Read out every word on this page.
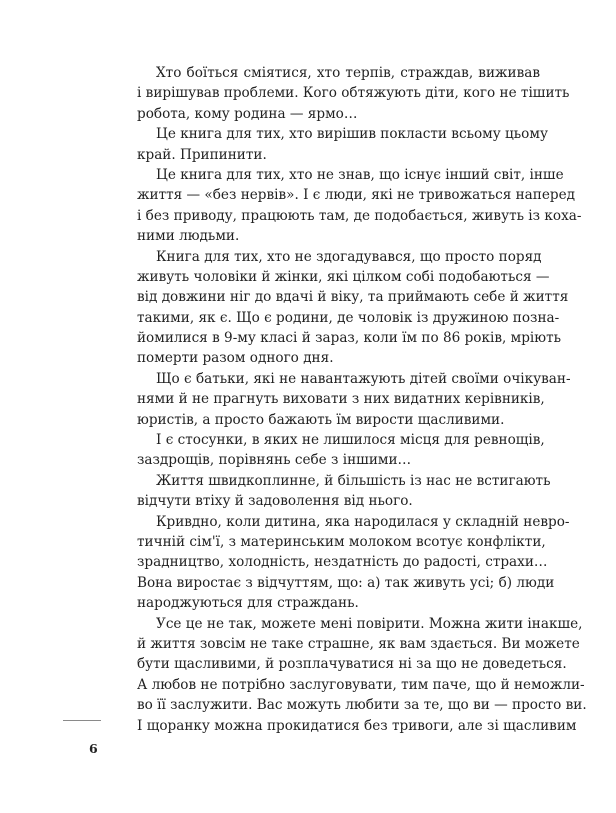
Хто боїться сміятися, хто терпів, страждав, виживав
і вирішував проблеми. Кого обтяжують діти, кого не тішить
робота, кому родина — ярмо…
Це книга для тих, хто вирішив покласти всьому цьому
край. Припинити.
Це книга для тих, хто не знав, що існує інший світ, інше
життя — «без нервів». І є люди, які не тривожаться наперед
і без приводу, працюють там, де подобається, живуть із коха-
ними людьми.
Книга для тих, хто не здогадувався, що просто поряд
живуть чоловіки й жінки, які цілком собі подобаються —
від довжини ніг до вдачі й віку, та приймають себе й життя
такими, як є. Що є родини, де чоловік із дружиною позна-
йомилися в 9-му класі й зараз, коли їм по 86 років, мріють
померти разом одного дня.
Що є батьки, які не навантажують дітей своїми очікуван-
нями й не прагнуть виховати з них видатних керівників,
юристів, а просто бажають їм вирости щасливими.
І є стосунки, в яких не лишилося місця для ревнощів,
заздрощів, порівнянь себе з іншими…
Життя швидкоплинне, й більшість із нас не встигають
відчути втіху й задоволення від нього.
Кривдно, коли дитина, яка народилася у складній невро-
тичній сім'ї, з материнським молоком всотує конфлікти,
зрадництво, холодність, нездатність до радості, страхи…
Вона виростає з відчуттям, що: а) так живуть усі; б) люди
народжуються для страждань.
Усе це не так, можете мені повірити. Можна жити інакше,
й життя зовсім не таке страшне, як вам здається. Ви можете
бути щасливими, й розплачуватися ні за що не доведеться.
А любов не потрібно заслуговувати, тим паче, що й неможли-
во її заслужити. Вас можуть любити за те, що ви — просто ви.
І щоранку можна прокидатися без тривоги, але зі щасливим
6
